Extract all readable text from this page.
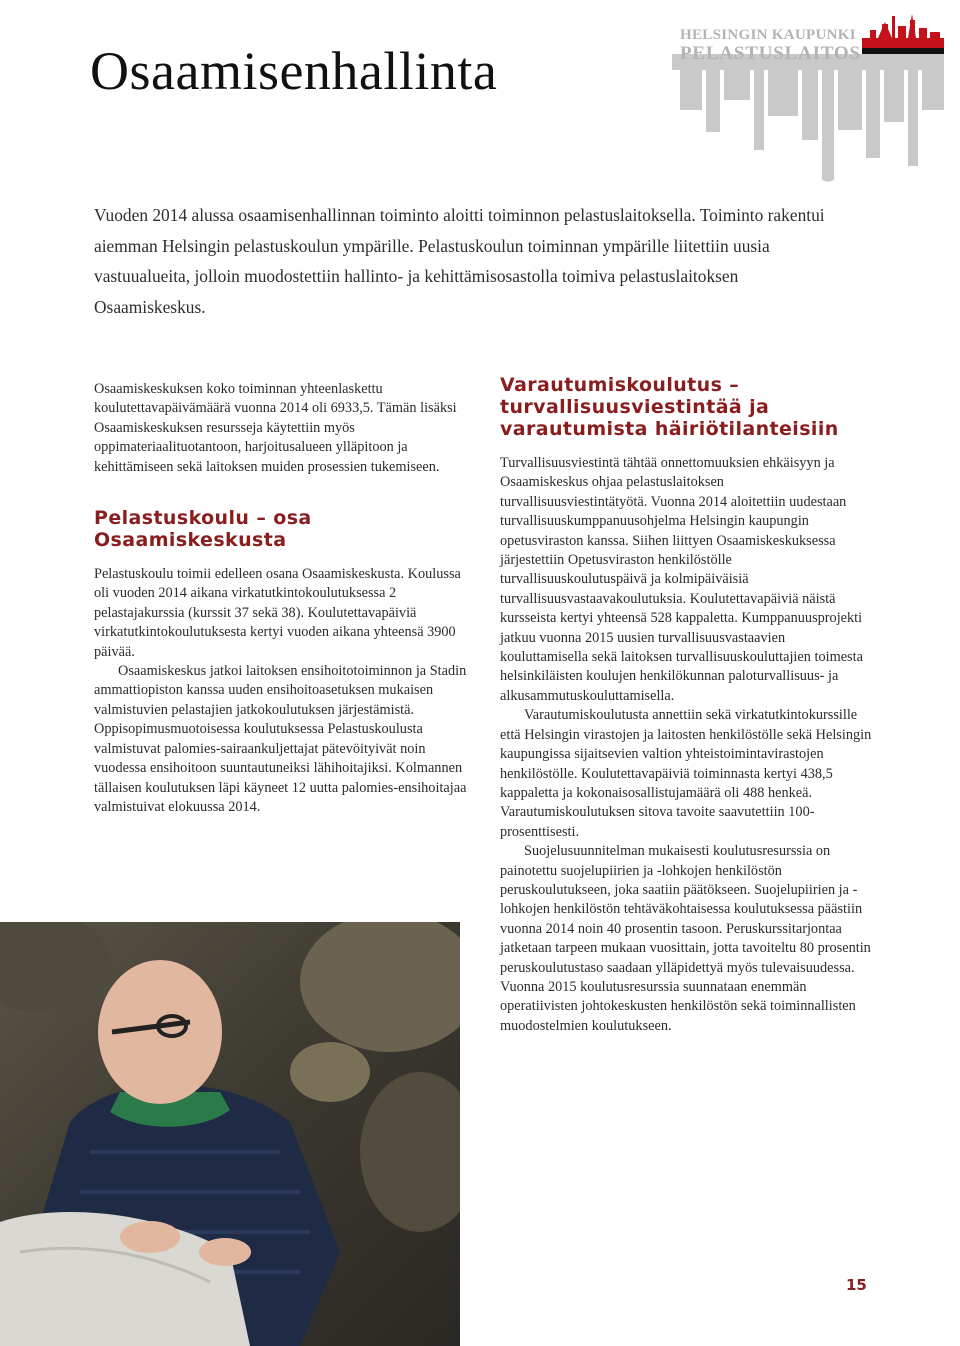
Osaamisenhallinta
HELSINGIN KAUPUNKI
PELASTUSLAITOS

Vuoden 2014 alussa osaamisenhallinnan toiminto aloitti toiminnon pelastuslaitoksella. Toiminto rakentui aiemman Helsingin pelastuskoulun ympärille. Pelastuskoulun toiminnan ympärille liitettiin uusia vastuualueita, jolloin muodostettiin hallinto- ja kehittämisosastolla toimiva pelastuslaitoksen Osaamiskeskus.

Osaamiskeskuksen koko toiminnan yhteenlaskettu koulutettavapäivämäärä vuonna 2014 oli 6933,5. Tämän lisäksi Osaamiskeskuksen resursseja käytettiin myös oppimateriaalituotantoon, harjoitusalueen ylläpitoon ja kehittämiseen sekä laitoksen muiden prosessien tukemiseen.

Pelastuskoulu – osa Osaamiskeskusta

Pelastuskoulu toimii edelleen osana Osaamiskeskusta. Koulussa oli vuoden 2014 aikana virkatutkintokoulutuksessa 2 pelastajakurssia (kurssit 37 sekä 38). Koulutettavapäiviä virkatutkintokoulutuksesta kertyi vuoden aikana yhteensä 3900 päivää.

Osaamiskeskus jatkoi laitoksen ensihoitotoiminnon ja Stadin ammattiopiston kanssa uuden ensihoitoasetuksen mukaisen valmistuvien pelastajien jatkokoulutuksen järjestämistä. Oppisopimusmuotoisessa koulutuksessa Pelastuskoulusta valmistuvat palomies-sairaankuljettajat pätevöityivät noin vuodessa ensihoitoon suuntautuneiksi lähihoitajiksi. Kolmannen tällaisen koulutuksen läpi käyneet 12 uutta palomies-ensihoitajaa valmistuivat elokuussa 2014.

Varautumiskoulutus – turvallisuusviestintää ja varautumista häiriötilanteisiin

Turvallisuusviestintä tähtää onnettomuuksien ehkäisyyn ja Osaamiskeskus ohjaa pelastuslaitoksen turvallisuusviestintätyötä. Vuonna 2014 aloitettiin uudestaan turvallisuuskumppanuusohjelma Helsingin kaupungin opetusviraston kanssa. Siihen liittyen Osaamiskeskuksessa järjestettiin Opetusviraston henkilöstölle turvallisuuskoulutuspäivä ja kolmipäiväisiä turvallisuusvastaavakoulutuksia. Koulutettavapäiviä näistä kursseista kertyi yhteensä 528 kappaletta. Kumppanuusprojekti jatkuu vuonna 2015 uusien turvallisuusvastaavien kouluttamisella sekä laitoksen turvallisuuskouluttajien toimesta helsinkiläisten koulujen henkilökunnan paloturvallisuus- ja alkusammutuskouluttamisella.

Varautumiskoulutusta annettiin sekä virkatutkintokurssille että Helsingin virastojen ja laitosten henkilöstölle sekä Helsingin kaupungissa sijaitsevien valtion yhteistoimintavirastojen henkilöstölle. Koulutettavapäiviä toiminnasta kertyi 438,5 kappaletta ja kokonaisosallistujamäärä oli 488 henkeä. Varautumiskoulutuksen sitova tavoite saavutettiin 100-prosenttisesti.

Suojelusuunnitelman mukaisesti koulutusresurssia on painotettu suojelupiirien ja -lohkojen henkilöstön peruskoulutukseen, joka saatiin päätökseen. Suojelupiirien ja -lohkojen henkilöstön tehtäväkohtaisessa koulutuksessa päästiin vuonna 2014 noin 40 prosentin tasoon. Peruskurssitarjontaa jatketaan tarpeen mukaan vuosittain, jotta tavoiteltu 80 prosentin peruskoulutustaso saadaan ylläpidettyä myös tulevaisuudessa. Vuonna 2015 koulutusresurssia suunnataan enemmän operatiivisten johtokeskusten henkilöstön sekä toiminnallisten muodostelmien koulutukseen.

15
